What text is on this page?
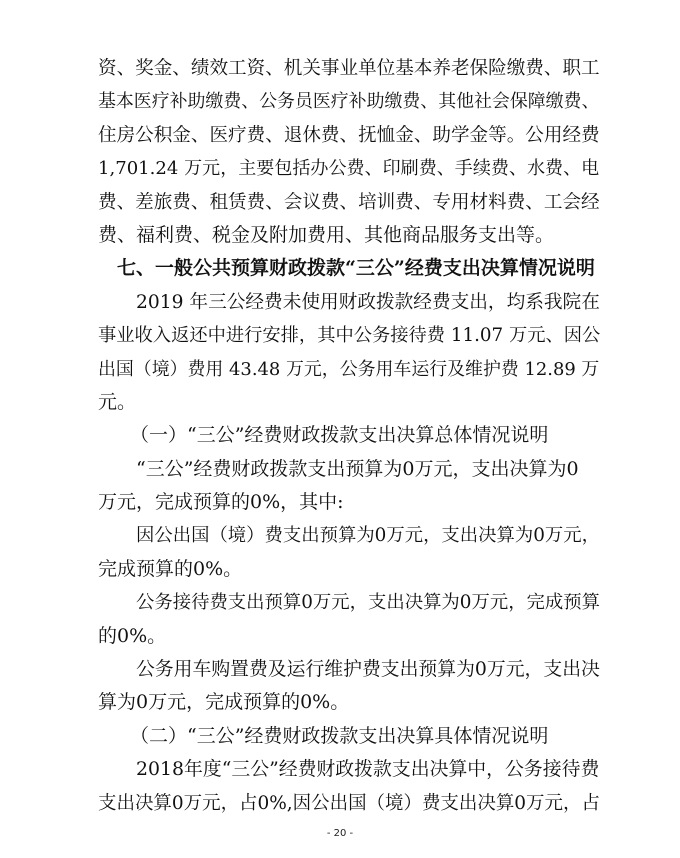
资、奖金、绩效工资、机关事业单位基本养老保险缴费、职工

基本医疗补助缴费、公务员医疗补助缴费、其他社会保障缴费、

住房公积金、医疗费、退休费、抚恤金、助学金等。公用经费

1,701.24 万元，主要包括办公费、印刷费、手续费、水费、电

费、差旅费、租赁费、会议费、培训费、专用材料费、工会经

费、福利费、税金及附加费用、其他商品服务支出等。

七、一般公共预算财政拨款“三公”经费支出决算情况说明

2019 年三公经费未使用财政拨款经费支出，均系我院在

事业收入返还中进行安排，其中公务接待费 11.07 万元、因公

出国（境）费用 43.48 万元，公务用车运行及维护费 12.89 万

元。

（一）“三公”经费财政拨款支出决算总体情况说明

“三公”经费财政拨款支出预算为0万元，支出决算为0

万元，完成预算的0%，其中:

因公出国（境）费支出预算为0万元，支出决算为0万元，

完成预算的0%。

公务接待费支出预算0万元，支出决算为0万元，完成预算

的0%。

公务用车购置费及运行维护费支出预算为0万元，支出决

算为0万元，完成预算的0%。

（二）“三公”经费财政拨款支出决算具体情况说明

2018年度“三公”经费财政拨款支出决算中，公务接待费

支出决算0万元，占0%,因公出国（境）费支出决算0万元，占

- 20 -
